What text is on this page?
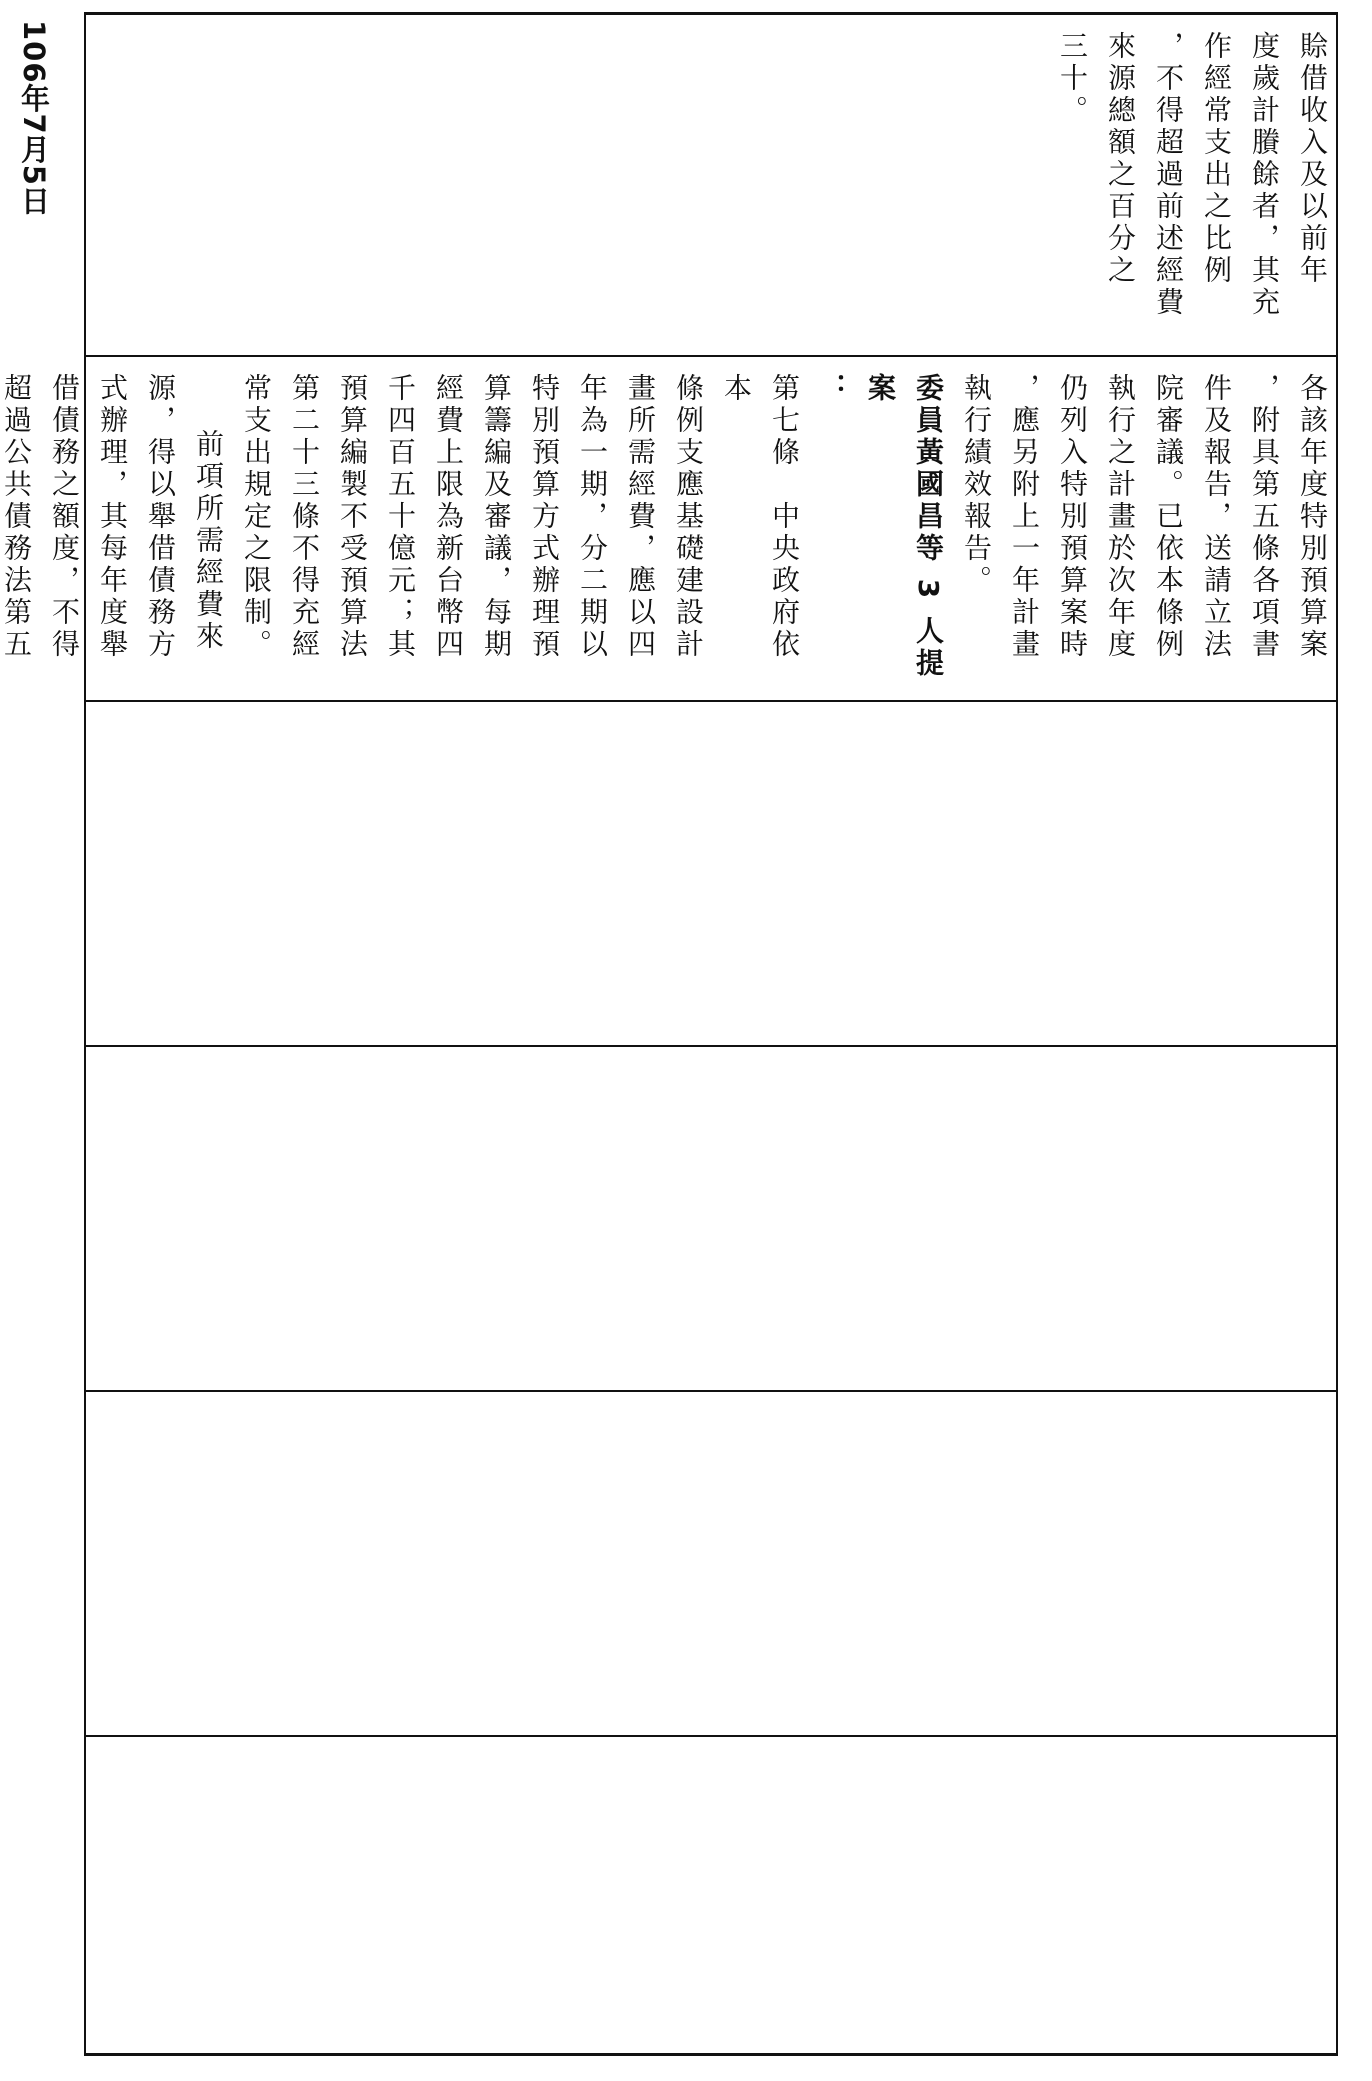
106年7月5日	賒借收入及以前年

度歲計賸餘者，其充

作經常支出之比例

，不得超過前述經費

來源總額之百分之

三十。

各該年度特別預算案

，附具第五條各項書

件及報告，送請立法

院審議。已依本條例

執行之計畫於次年度

仍列入特別預算案時

，應另附上一年計畫

執行績效報告。

委員黃國昌等 3 人提案

：

第七條　中央政府依本

條例支應基礎建設計

畫所需經費，應以四

年為一期，分二期以

特別預算方式辦理預

算籌編及審議，每期

經費上限為新台幣四

千四百五十億元；其

預算編製不受預算法

第二十三條不得充經

常支出規定之限制。

前項所需經費來

源，得以舉借債務方

式辦理，其每年度舉

借債務之額度，不得

超過公共債務法第五
